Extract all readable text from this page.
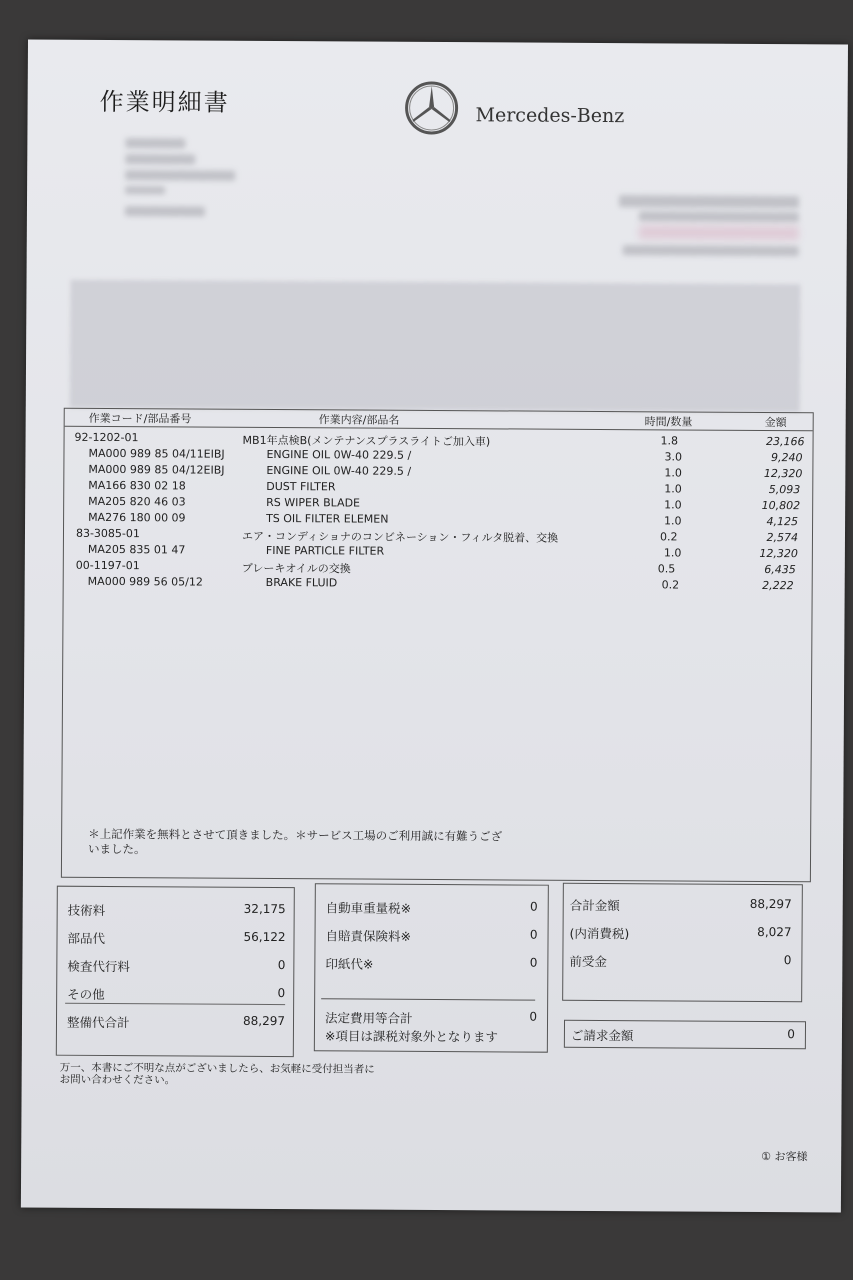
作業明細書	Mercedes-Benz
作業コード/部品番号	作業内容/部品名	時間/数量	金額
92-1202-01	MB1年点検B(メンテナンスプラスライトご加入車)	1.8	23,166
MA000 989 85 04/11EIBJ	ENGINE OIL 0W-40 229.5 /	3.0	9,240
MA000 989 85 04/12EIBJ	ENGINE OIL 0W-40 229.5 /	1.0	12,320
MA166 830 02 18	DUST FILTER	1.0	5,093
MA205 820 46 03	RS WIPER BLADE	1.0	10,802
MA276 180 00 09	TS OIL FILTER ELEMEN	1.0	4,125
83-3085-01	エア・コンディショナのコンビネーション・フィルタ脱着、交換	0.2	2,574
MA205 835 01 47	FINE PARTICLE FILTER	1.0	12,320
00-1197-01	ブレーキオイルの交換	0.5	6,435
MA000 989 56 05/12	BRAKE FLUID	0.2	2,222
＊上記作業を無料とさせて頂きました。＊サービス工場のご利用誠に有難うございました。
技術料	32,175
部品代	56,122
検査代行料	0
その他	0
整備代合計	88,297
自動車重量税※	0
自賠責保険料※	0
印紙代※	0
法定費用等合計	0
※項目は課税対象外となります
合計金額	88,297
(内消費税)	8,027
前受金	0
ご請求金額	0
万一、本書にご不明な点がございましたら、お気軽に受付担当者にお問い合わせください。
① お客様
